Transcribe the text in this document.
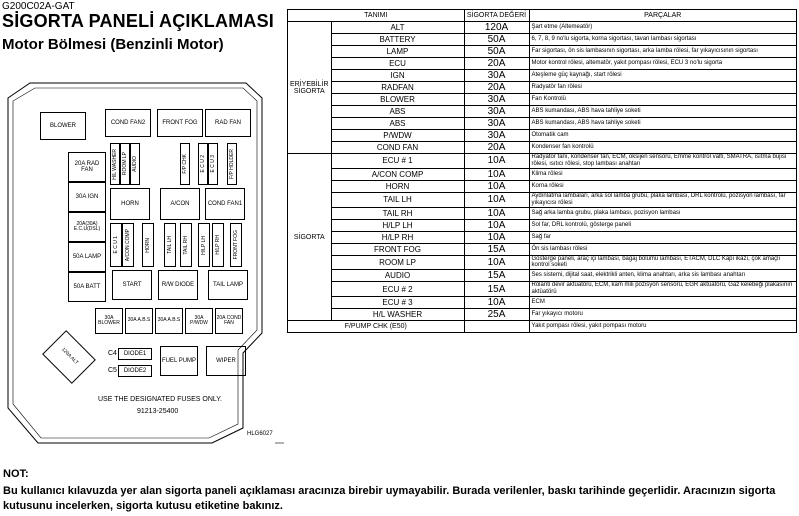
G200C02A-GAT
SİGORTA PANELİ AÇIKLAMASI
Motor Bölmesi (Benzinli Motor)
BLOWER	COND FAN2	FRONT FOG	RAD FAN
20A RAD FAN
30A IGN
20A(30A) E.C.U(DSL)
50A LAMP
50A BATT
H/L WASHER ROOM LP AUDIO	F/P CHK E C U 2 E C U 3	F/P HOLDER
HORN	A/CON	COND FAN1
E C U 1 A/CON COMP	HORN	TAIL LH TAIL RH H/LP LH H/LP RH FRONT FOG
START	R/W DIODE	TAIL LAMP
30A BLOWER	30A A.B.S	30A A.B.S	30A P/WDW
20A COND FAN
120A ALT	C4	DIODE1
C5	DIODE2
FUEL PUMP	WIPER
USE THE DESIGNATED FUSES ONLY.
91213-25400
HLG6027
TANIMI		SİGORTA DEĞERİ	PARÇALAR
ERİYEBİLİR SİGORTA	ALT	120A	Şart etme (Altemeatör)
	BATTERY	50A	6, 7, 8, 9 no'lu sigorta, korna sigortası, tavan lambası sigortası
	LAMP	50A	Far sigortası, ön sis lambasının sigortası, arka lamba rölesi, far yıkayıcısının sigortası
	ECU	20A	Motor kontrol rölesi, altematör, yakıt pompası rölesi, ECU 3 no'lu sigorta
	IGN	30A	Ateşleme güç kaynağı, start rölesi
	RADFAN	20A	Radyatör fan rölesi
	BLOWER	30A	Fan Kontrolü
	ABS	30A	ABS kumandası, ABS hava tahliye soketi
	ABS	30A	ABS kumandası, ABS hava tahliye soketi
	P/WDW	30A	Otomatik cam
	COND FAN	20A	Kondenser fan kontrolü
SİGORTA	ECU # 1	10A	Radyatör fanı, kondenser fan, ECM, oksijen sensörü, Emme kontrol valfi, SMATRA, ısıtma bujisi rölesi, ısıtıcı rölesi, stop lambası anahtarı
	A/CON COMP	10A	Klima rölesi
	HORN	10A	Korna rölesi
	TAIL LH	10A	Aydınlatma lambaları, arka sol lamba grubu, plaka lambası, DRL kontrolü, pozisyon lambası, far yıkayıcısı rölesi
	TAIL RH	10A	Sağ arka lamba grubu, plaka lambası, pozisyon lambası
	H/LP LH	10A	Sol far, DRL kontrolü, gösterge paneli
	H/LP RH	10A	Sağ far
	FRONT FOG	15A	Ön sis lambası rölesi
	ROOM LP	10A	Gösterge paneli, araç içi lambası, bagaj bölümü lambası, ETACM, DLC Kapı ikazı, çok amaçlı kontrol soketi
	AUDIO	15A	Ses sistemi, dijital saat, elektrikli anten, klima anahtarı, arka sis lambası anahtarı
	ECU # 2	15A	Rölanti devir aktüatörü, ECM, kam mili pozisyon sensörü, EGR aktüatörü, Gaz kelebeği plakasının aktüatörü
	ECU # 3	10A	ECM
	H/L WASHER	25A	Far yıkayıcı motoru
F/PUMP CHK (E50)			Yakıt pompası rölesi, yakıt pompası motoru
NOT:
Bu kullanıcı kılavuzda yer alan sigorta paneli açıklaması aracınıza birebir uymayabilir. Burada verilenler, baskı tarihinde geçerlidir. Aracınızın sigorta kutusunu incelerken, sigorta kutusu etiketine bakınız.
